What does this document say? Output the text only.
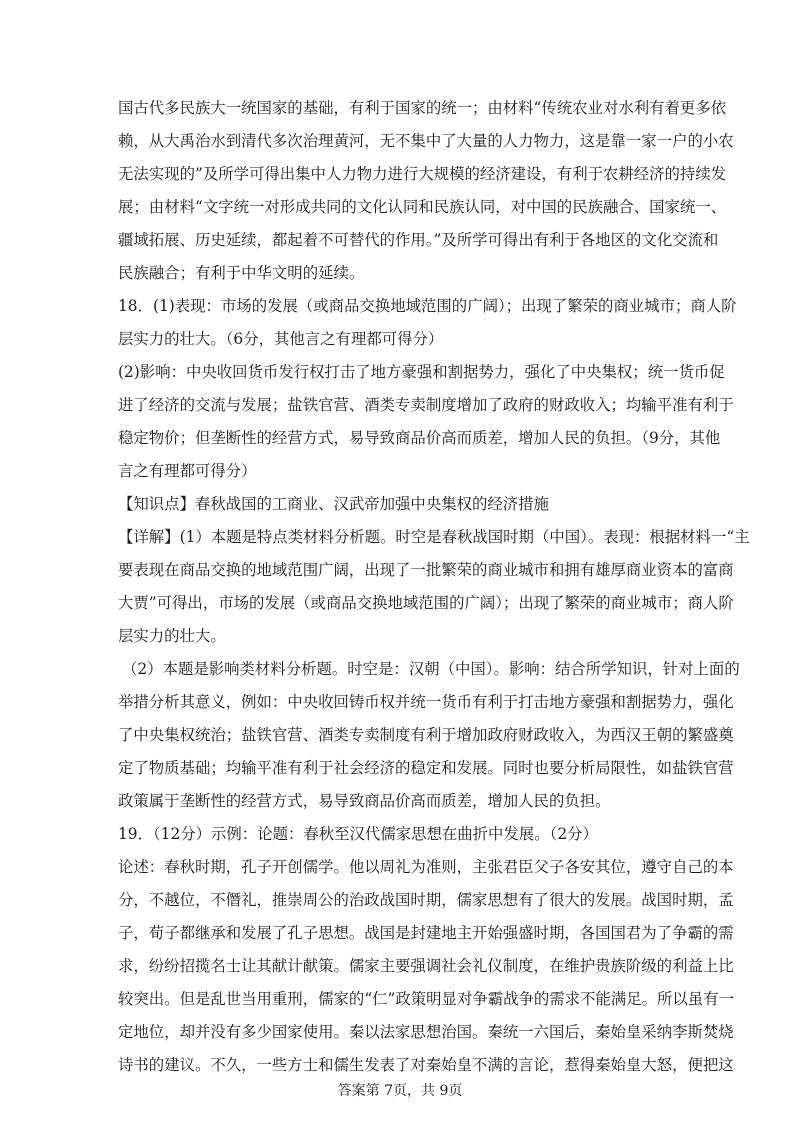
国古代多民族大一统国家的基础，有利于国家的统一；由材料“传统农业对水利有着更多依
赖，从大禹治水到清代多次治理黄河，无不集中了大量的人力物力，这是靠一家一户的小农
无法实现的”及所学可得出集中人力物力进行大规模的经济建设，有利于农耕经济的持续发
展；由材料“文字统一对形成共同的文化认同和民族认同，对中国的民族融合、国家统一、
疆域拓展、历史延续，都起着不可替代的作用。”及所学可得出有利于各地区的文化交流和
民族融合；有利于中华文明的延续。
18．(1)表现：市场的发展（或商品交换地域范围的广阔）；出现了繁荣的商业城市；商人阶
层实力的壮大。（6分，其他言之有理都可得分）
(2)影响：中央收回货币发行权打击了地方豪强和割据势力，强化了中央集权；统一货币促
进了经济的交流与发展；盐铁官营、酒类专卖制度增加了政府的财政收入；均输平准有利于
稳定物价；但垄断性的经营方式，易导致商品价高而质差，增加人民的负担。（9分，其他
言之有理都可得分）
【知识点】春秋战国的工商业、汉武帝加强中央集权的经济措施
【详解】(1）本题是特点类材料分析题。时空是春秋战国时期（中国）。表现：根据材料一“主
要表现在商品交换的地域范围广阔，出现了一批繁荣的商业城市和拥有雄厚商业资本的富商
大贾”可得出，市场的发展（或商品交换地域范围的广阔）；出现了繁荣的商业城市；商人阶
层实力的壮大。
（2）本题是影响类材料分析题。时空是：汉朝（中国）。影响：结合所学知识，针对上面的
举措分析其意义，例如：中央收回铸币权并统一货币有利于打击地方豪强和割据势力，强化
了中央集权统治；盐铁官营、酒类专卖制度有利于增加政府财政收入，为西汉王朝的繁盛奠
定了物质基础；均输平准有利于社会经济的稳定和发展。同时也要分析局限性，如盐铁官营
政策属于垄断性的经营方式，易导致商品价高而质差，增加人民的负担。
19．（12分）示例：论题：春秋至汉代儒家思想在曲折中发展。（2分）
论述：春秋时期，孔子开创儒学。他以周礼为准则，主张君臣父子各安其位，遵守自己的本
分，不越位，不僭礼，推崇周公的治政战国时期，儒家思想有了很大的发展。战国时期，孟
子，荀子都继承和发展了孔子思想。战国是封建地主开始强盛时期，各国国君为了争霸的需
求，纷纷招揽名士让其献计献策。儒家主要强调社会礼仪制度，在维护贵族阶级的利益上比
较突出。但是乱世当用重刑，儒家的“仁”政策明显对争霸战争的需求不能满足。所以虽有一
定地位，却并没有多少国家使用。秦以法家思想治国。秦统一六国后，秦始皇采纳李斯焚烧
诗书的建议。不久，一些方士和儒生发表了对秦始皇不满的言论，惹得秦始皇大怒，便把这
答案第 7页，共 9页
